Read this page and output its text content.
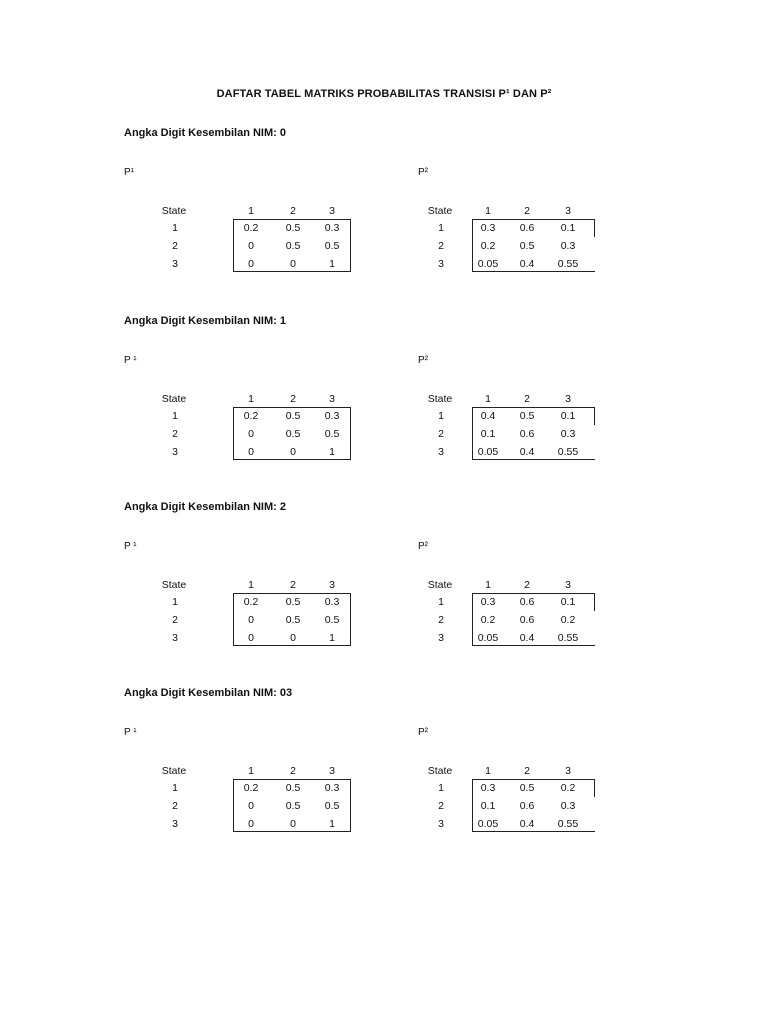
DAFTAR TABEL MATRIKS PROBABILITAS TRANSISI P¹ DAN P²
Angka Digit Kesembilan NIM: 0
P¹
State	1	2	3
1	0.2	0.5	0.3
2	0	0.5	0.5
3	0	0	1
P²
State	1	2	3
1	0.3	0.6	0.1
2	0.2	0.5	0.3
3	0.05	0.4	0.55
Angka Digit Kesembilan NIM: 1
P ¹
State	1	2	3
1	0.2	0.5	0.3
2	0	0.5	0.5
3	0	0	1
P²
State	1	2	3
1	0.4	0.5	0.1
2	0.1	0.6	0.3
3	0.05	0.4	0.55
Angka Digit Kesembilan NIM: 2
P ¹
State	1	2	3
1	0.2	0.5	0.3
2	0	0.5	0.5
3	0	0	1
P²
State	1	2	3
1	0.3	0.6	0.1
2	0.2	0.6	0.2
3	0.05	0.4	0.55
Angka Digit Kesembilan NIM: 03
P ¹
State	1	2	3
1	0.2	0.5	0.3
2	0	0.5	0.5
3	0	0	1
P²
State	1	2	3
1	0.3	0.5	0.2
2	0.1	0.6	0.3
3	0.05	0.4	0.55
